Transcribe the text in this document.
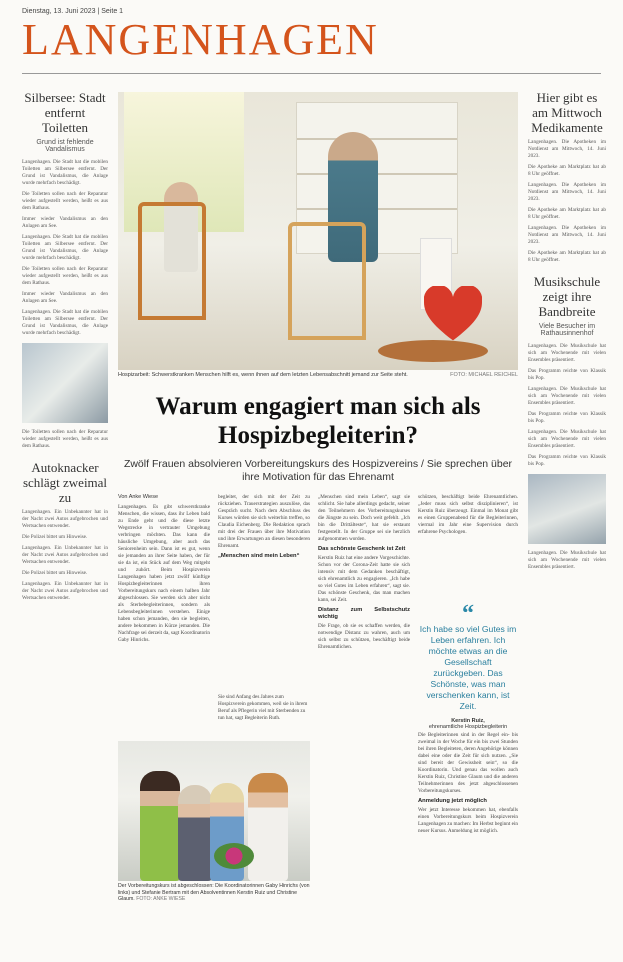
Dienstag, 13. Juni 2023 | Seite 1
LANGENHAGEN
Silbersee: Stadt entfernt Toiletten
Grund ist fehlende Vandalismus
Langenhagen. Die Stadt hat die mobilen Toiletten am Silbersee entfernt. Der Grund ist Vandalismus, die Anlage wurde mehrfach beschädigt.
Die Toiletten sollen nach der Reparatur wieder aufgestellt werden, heißt es aus dem Rathaus.
Immer wieder Vandalismus an den Anlagen am See.
Langenhagen. Die Stadt hat die mobilen Toiletten am Silbersee entfernt. Der Grund ist Vandalismus, die Anlage wurde mehrfach beschädigt.
Die Toiletten sollen nach der Reparatur wieder aufgestellt werden, heißt es aus dem Rathaus.
Immer wieder Vandalismus an den Anlagen am See.
Langenhagen. Die Stadt hat die mobilen Toiletten am Silbersee entfernt. Der Grund ist Vandalismus, die Anlage wurde mehrfach beschädigt.
Die Toiletten sollen nach der Reparatur wieder aufgestellt werden, heißt es aus dem Rathaus.
Autoknacker schlägt zweimal zu
Langenhagen. Ein Unbekannter hat in der Nacht zwei Autos aufgebrochen und Wertsachen entwendet.
Die Polizei bittet um Hinweise.
Langenhagen. Ein Unbekannter hat in der Nacht zwei Autos aufgebrochen und Wertsachen entwendet.
Die Polizei bittet um Hinweise.
Langenhagen. Ein Unbekannter hat in der Nacht zwei Autos aufgebrochen und Wertsachen entwendet.
Hier gibt es am Mittwoch Medikamente
Langenhagen. Die Apotheken im Notdienst am Mittwoch, 14. Juni 2023.
Die Apotheke am Marktplatz hat ab 8 Uhr geöffnet.
Langenhagen. Die Apotheken im Notdienst am Mittwoch, 14. Juni 2023.
Die Apotheke am Marktplatz hat ab 8 Uhr geöffnet.
Langenhagen. Die Apotheken im Notdienst am Mittwoch, 14. Juni 2023.
Die Apotheke am Marktplatz hat ab 8 Uhr geöffnet.
Musikschule zeigt ihre Bandbreite
Viele Besucher im Rathausinnenhof
Langenhagen. Die Musikschule hat sich am Wochenende mit vielen Ensembles präsentiert.
Das Programm reichte von Klassik bis Pop.
Langenhagen. Die Musikschule hat sich am Wochenende mit vielen Ensembles präsentiert.
Das Programm reichte von Klassik bis Pop.
Langenhagen. Die Musikschule hat sich am Wochenende mit vielen Ensembles präsentiert.
Das Programm reichte von Klassik bis Pop.
Langenhagen. Die Musikschule hat sich am Wochenende mit vielen Ensembles präsentiert.
Hospizarbeit: Schwerstkranken Menschen hilft es, wenn ihnen auf dem letzten Lebensabschnitt jemand zur Seite steht.	FOTO: MICHAEL REICHEL
Warum engagiert man sich als Hospizbegleiterin?
Zwölf Frauen absolvieren Vorbereitungskurs des Hospizvereins / Sie sprechen über ihre Motivation für das Ehrenamt
Von Anke Wiese
Langenhagen. Es gibt schwerstkranke Menschen, die wissen, dass ihr Leben bald zu Ende geht und die diese letzte Wegstrecke in vertrauter Umgebung verbringen möchten. Das kann die häusliche Umgebung, aber auch das Seniorenheim sein. Dann ist es gut, wenn sie jemanden an ihrer Seite haben, der für sie da ist, ein Stück auf dem Weg mitgeht und zuhört. Beim Hospizverein Langenhagen haben jetzt zwölf künftige Hospizbegleiterinnen ihren Vorbereitungskurs nach einem halben Jahr abgeschlossen. Sie werden sich aber nicht als Sterbebegleiterinnen, sondern als Lebensbegleiterinnen verstehen. Einige haben schon jemanden, den sie begleiten, andere bekommen in Kürze jemanden. Die Nachfrage sei derzeit da, sagt Koordinatorin Gaby Hinrichs.
begleitet, der sich mit der Zeit zu rückziehen. Trauerstrategien auszulöse, das Gespräch sucht. Nach dem Abschluss des Kurses würden sie sich weiterhin treffen, so Claudia Eichenberg. Die Redaktion sprach mit drei der Frauen über ihre Motivation und ihre Erwartungen an diesen besonderen Ehrenamt.
„Menschen sind mein Leben“
Sie sind Anfang des Jahres zum Hospizverein gekommen, weil sie in ihrem Beruf als Pflegerin viel mit Sterbenden zu tun hat, sagt Begleiterin Ruth.
„Menschen sind mein Leben“, sagt sie schlicht. Sie habe allerdings gedacht, seiner den Teilnehmern des Vorbereitungskurses die Jüngste zu sein. Doch weit gefehlt. „Ich bin die Drittälteste“, hat sie erstaunt festgestellt. In der Gruppe sei sie herzlich aufgenommen worden.
Das schönste Geschenk ist Zeit
Kerstin Ruiz hat eine andere Vorgeschichte. Schon vor der Corona-Zeit hatte sie sich intensiv mit dem Gedanken beschäftigt, sich ehrenamtlich zu engagieren. „Ich habe so viel Gutes im Leben erfahren“, sagt sie. Das schönste Geschenk, das man machen kann, sei Zeit.
Distanz zum Selbstschutz wichtig
Die Frage, ob sie es schaffen werden, die notwendige Distanz zu wahren, auch um sich selbst zu schützen, beschäftigt beide Ehrenamtlichen.
schützen, beschäftigt beide Ehrenamtlichen. „Jeder muss sich selbst disziplinieren“, ist Kerstin Ruiz überzeugt. Einmal im Monat gibt es einen Gruppenabend für die Begleiterinnen, viermal im Jahr eine Supervision durch erfahrene Psychologen.
“
Ich habe so viel Gutes im Leben erfahren. Ich möchte etwas an die Gesellschaft zurückgeben. Das Schönste, was man verschenken kann, ist Zeit.
Kerstin Ruiz,
ehrenamtliche Hospizbegleiterin
Die Begleiterinnen sind in der Regel ein- bis zweimal in der Woche für ein bis zwei Stunden bei ihren Begleiteten, deren Angehörige können dabei eine oder die Zeit für sich nutzen. „Sie sind bereit der Gewissheit sein“, so die Koordinatorin. Und genau das wollen auch Kerstin Ruiz, Christine Glaum und die anderen Teilnehmerinnen des jetzt abgeschlossenen Vorbereitungskurses.
Anmeldung jetzt möglich
Wer jetzt Interesse bekommen hat, ebenfalls einen Vorbereitungskurs beim Hospizverein Langenhagen zu machen: Im Herbst beginnt ein neuer Kursus. Anmeldung ist möglich.
Der Vorbereitungskurs ist abgeschlossen: Die Koordinatorinnen Gaby Hinrichs (von links) und Stefanie Bertram mit den Absolventinnen Kerstin Ruiz und Christine Glaum. FOTO: ANKE WIESE
